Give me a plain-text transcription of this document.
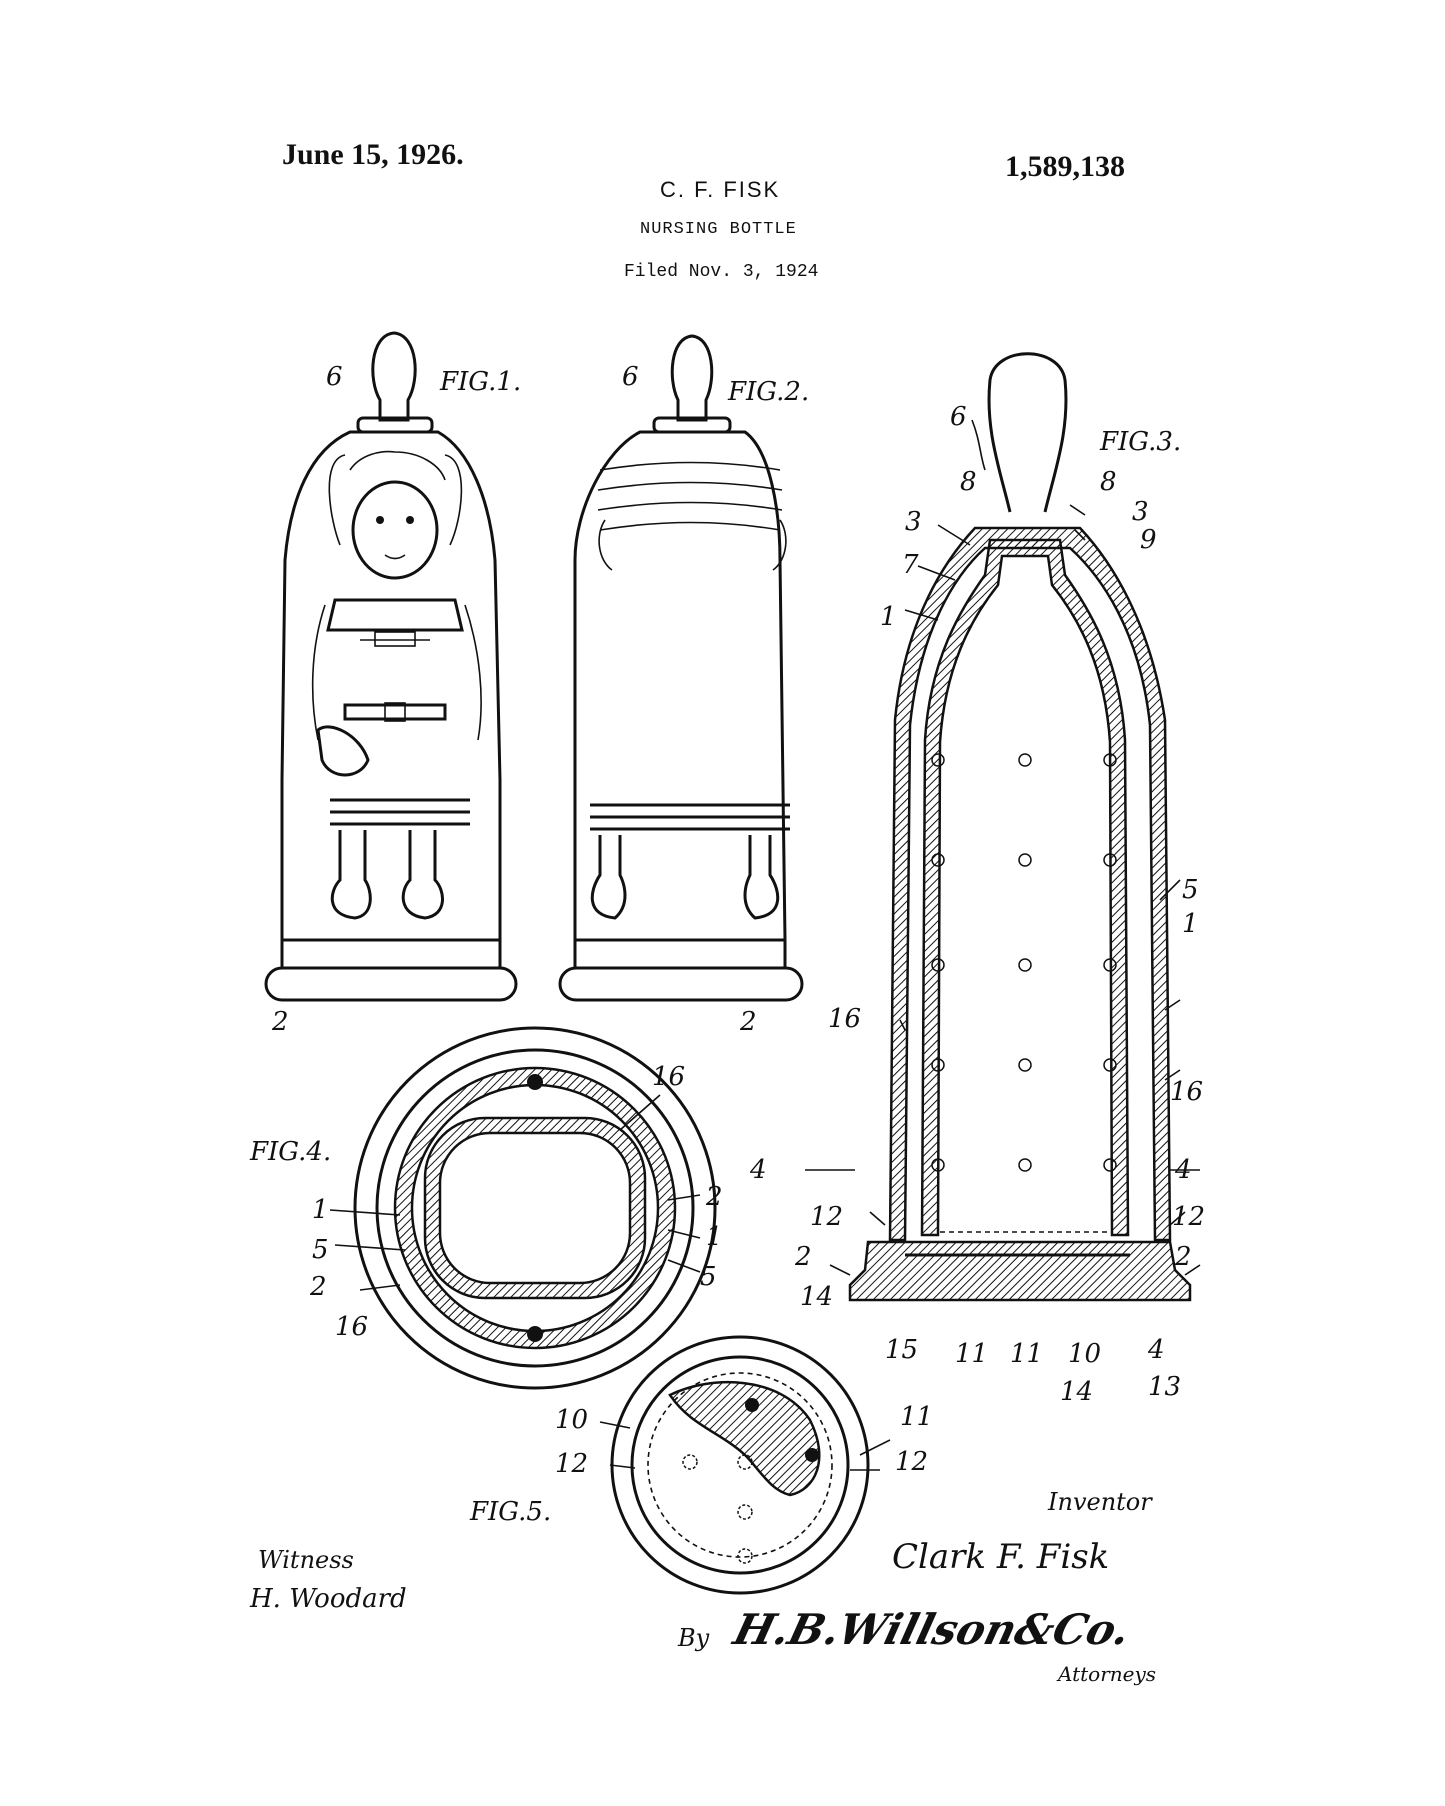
June 15, 1926.	1,589,138
C. F. FISK
NURSING BOTTLE
Filed Nov. 3, 1924
6
2
FIG.1.	6
2
FIG.2.
6
8	8
3	3
7
9
1
5
1
16
16
4	4
12	12
2	2
14
15 11 11 10
14
4
13
FIG.3.
FIG.4.
16
1
5
2
16
2
1
5
10
12
11
12
FIG.5.	Inventor
Clark F. Fisk
Witness
H. Woodard
By H.B.Willson&Co.
Attorneys
